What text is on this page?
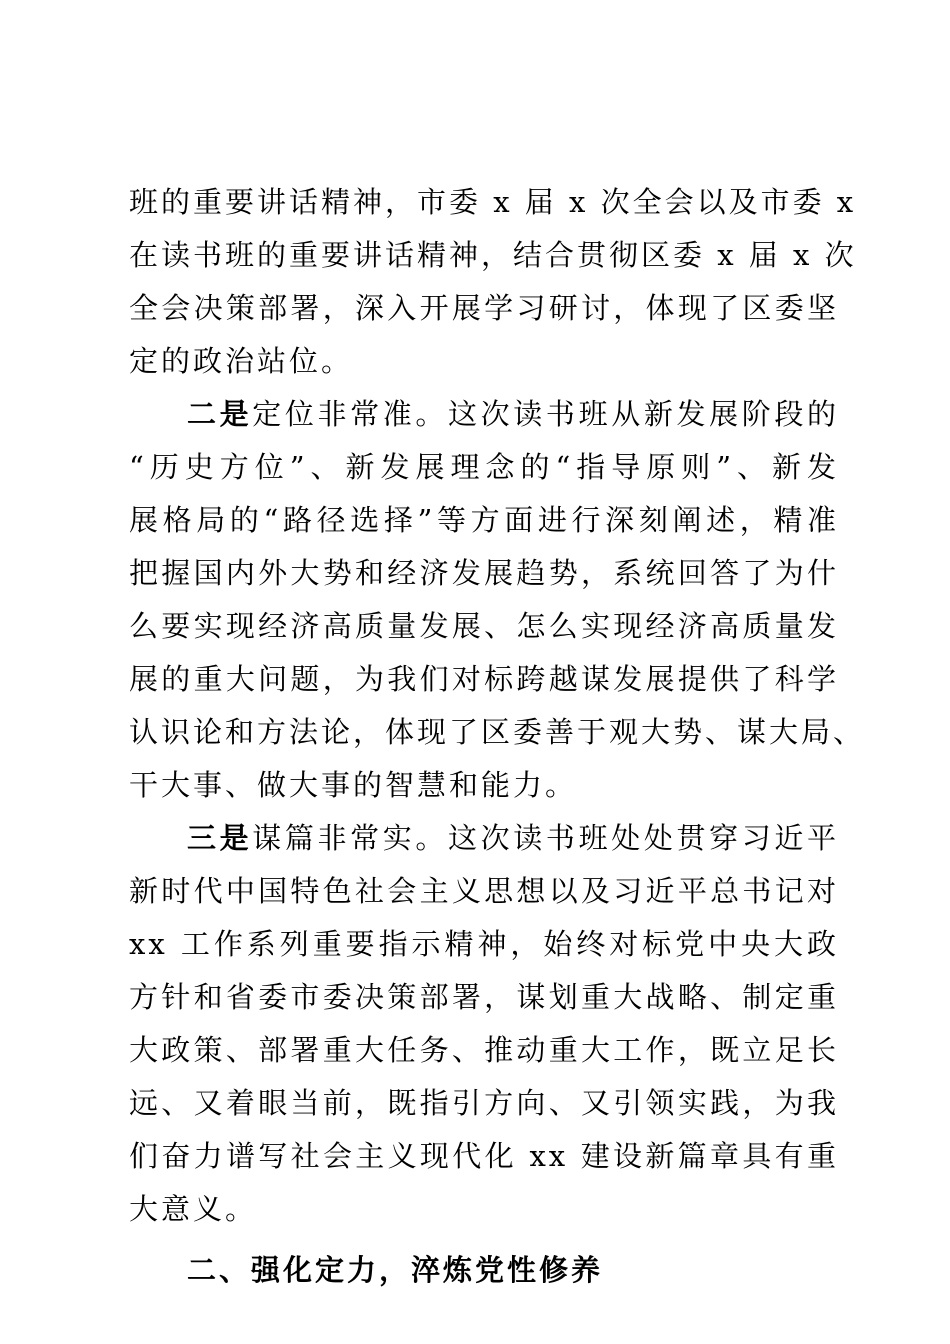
班的重要讲话精神，市委 x 届 x 次全会以及市委 x
在读书班的重要讲话精神，结合贯彻区委 x 届 x 次
全会决策部署，深入开展学习研讨，体现了区委坚
定的政治站位。
二是定位非常准。这次读书班从新发展阶段的
“历史方位”、新发展理念的“指导原则”、新发
展格局的“路径选择”等方面进行深刻阐述，精准
把握国内外大势和经济发展趋势，系统回答了为什
么要实现经济高质量发展、怎么实现经济高质量发
展的重大问题，为我们对标跨越谋发展提供了科学
认识论和方法论，体现了区委善于观大势、谋大局、
干大事、做大事的智慧和能力。
三是谋篇非常实。这次读书班处处贯穿习近平
新时代中国特色社会主义思想以及习近平总书记对
xx 工作系列重要指示精神，始终对标党中央大政
方针和省委市委决策部署，谋划重大战略、制定重
大政策、部署重大任务、推动重大工作，既立足长
远、又着眼当前，既指引方向、又引领实践，为我
们奋力谱写社会主义现代化 xx 建设新篇章具有重
大意义。
二、强化定力，淬炼党性修养
